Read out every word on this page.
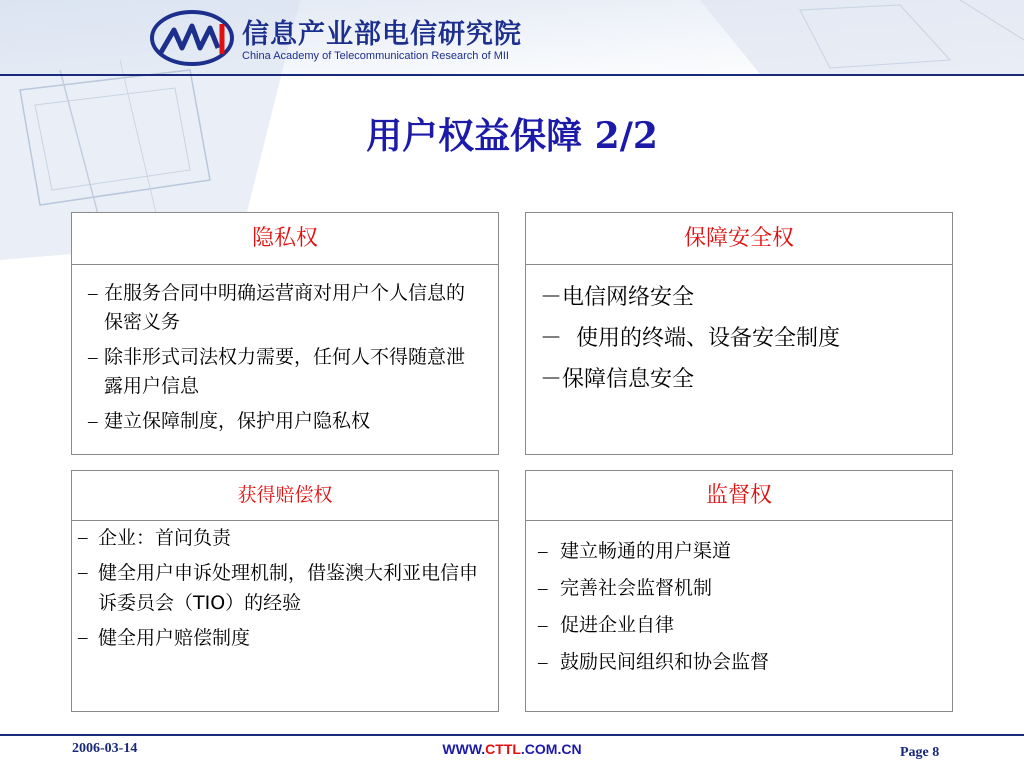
信息产业部电信研究院
China Academy of Telecommunication Research of MII
用户权益保障 2/2
隐私权
– 在服务合同中明确运营商对用户个人信息的保密义务
– 除非形式司法权力需要，任何人不得随意泄露用户信息
– 建立保障制度，保护用户隐私权
保障安全权
－电信网络安全
－  使用的终端、设备安全制度
－保障信息安全
获得赔偿权
– 企业：首问负责
– 健全用户申诉处理机制，借鉴澳大利亚电信申诉委员会（TIO）的经验
– 健全用户赔偿制度
监督权
– 建立畅通的用户渠道
– 完善社会监督机制
– 促进企业自律
– 鼓励民间组织和协会监督
2006-03-14	WWW.CTTL.COM.CN	Page 8
